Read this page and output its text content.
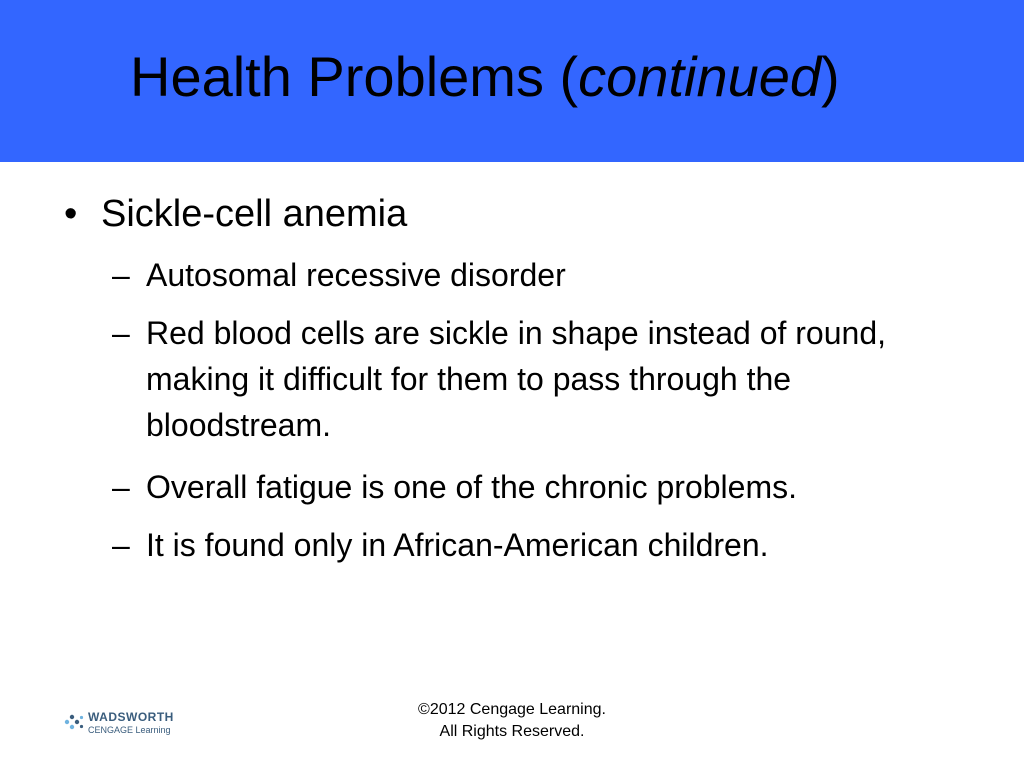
Health Problems (continued)
• Sickle-cell anemia
– Autosomal recessive disorder
– Red blood cells are sickle in shape instead of round, making it difficult for them to pass through the bloodstream.
– Overall fatigue is one of the chronic problems.
– It is found only in African-American children.
WADSWORTH
CENGAGE Learning
©2012 Cengage Learning.
All Rights Reserved.
